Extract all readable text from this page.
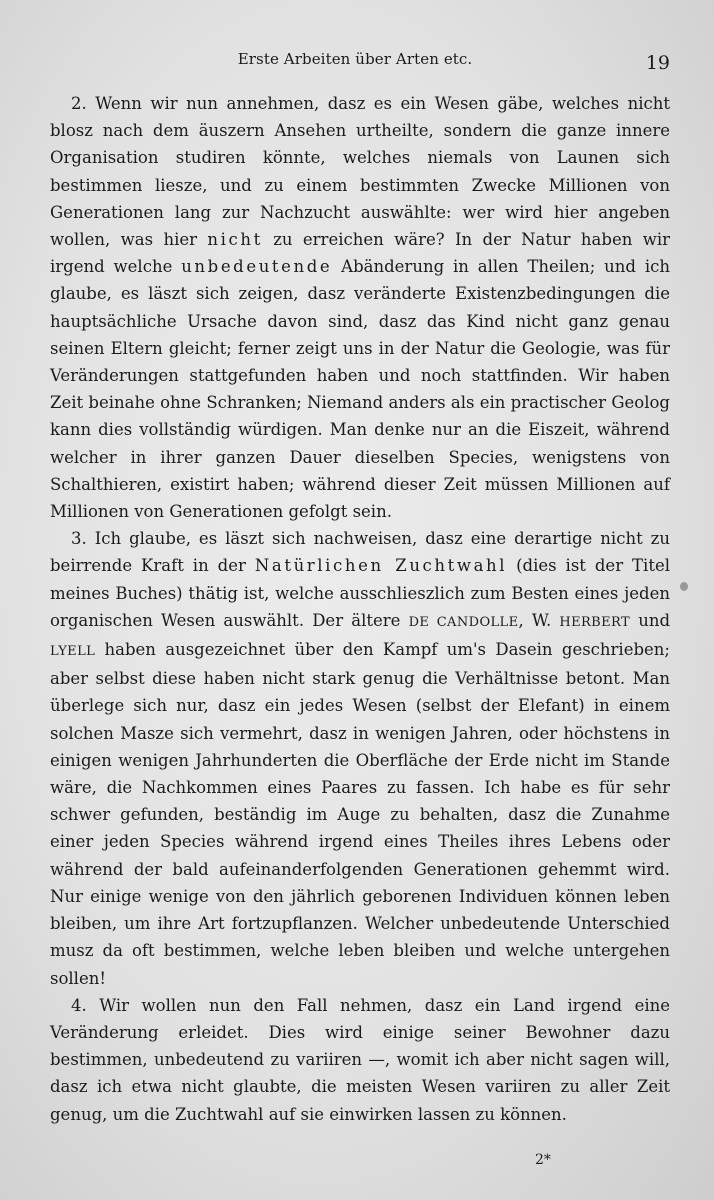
Erste Arbeiten über Arten etc.	19

2. Wenn wir nun annehmen, dasz es ein Wesen gäbe, welches nicht blosz nach dem äuszern Ansehen urtheilte, sondern die ganze innere Organisation studiren könnte, welches niemals von Launen sich bestimmen liesze, und zu einem bestimmten Zwecke Millionen von Generationen lang zur Nachzucht auswählte: wer wird hier angeben wollen, was hier nicht zu erreichen wäre? In der Natur haben wir irgend welche unbedeutende Abänderung in allen Theilen; und ich glaube, es läszt sich zeigen, dasz veränderte Existenzbedingungen die hauptsächliche Ursache davon sind, dasz das Kind nicht ganz genau seinen Eltern gleicht; ferner zeigt uns in der Natur die Geologie, was für Veränderungen stattgefunden haben und noch stattfinden. Wir haben Zeit beinahe ohne Schranken; Niemand anders als ein practischer Geolog kann dies vollständig würdigen. Man denke nur an die Eiszeit, während welcher in ihrer ganzen Dauer dieselben Species, wenigstens von Schalthieren, existirt haben; während dieser Zeit müssen Millionen auf Millionen von Generationen gefolgt sein.

3. Ich glaube, es läszt sich nachweisen, dasz eine derartige nicht zu beirrende Kraft in der Natürlichen Zuchtwahl (dies ist der Titel meines Buches) thätig ist, welche ausschlieszlich zum Besten eines jeden organischen Wesen auswählt. Der ältere DE CANDOLLE, W. HERBERT und LYELL haben ausgezeichnet über den Kampf um's Dasein geschrieben; aber selbst diese haben nicht stark genug die Verhältnisse betont. Man überlege sich nur, dasz ein jedes Wesen (selbst der Elefant) in einem solchen Masze sich vermehrt, dasz in wenigen Jahren, oder höchstens in einigen wenigen Jahrhunderten die Oberfläche der Erde nicht im Stande wäre, die Nachkommen eines Paares zu fassen. Ich habe es für sehr schwer gefunden, beständig im Auge zu behalten, dasz die Zunahme einer jeden Species während irgend eines Theiles ihres Lebens oder während der bald aufeinanderfolgenden Generationen gehemmt wird. Nur einige wenige von den jährlich geborenen Individuen können leben bleiben, um ihre Art fortzupflanzen. Welcher unbedeutende Unterschied musz da oft bestimmen, welche leben bleiben und welche untergehen sollen!

4. Wir wollen nun den Fall nehmen, dasz ein Land irgend eine Veränderung erleidet. Dies wird einige seiner Bewohner dazu bestimmen, unbedeutend zu variiren —, womit ich aber nicht sagen will, dasz ich etwa nicht glaubte, die meisten Wesen variiren zu aller Zeit genug, um die Zuchtwahl auf sie einwirken lassen zu können.

2*
